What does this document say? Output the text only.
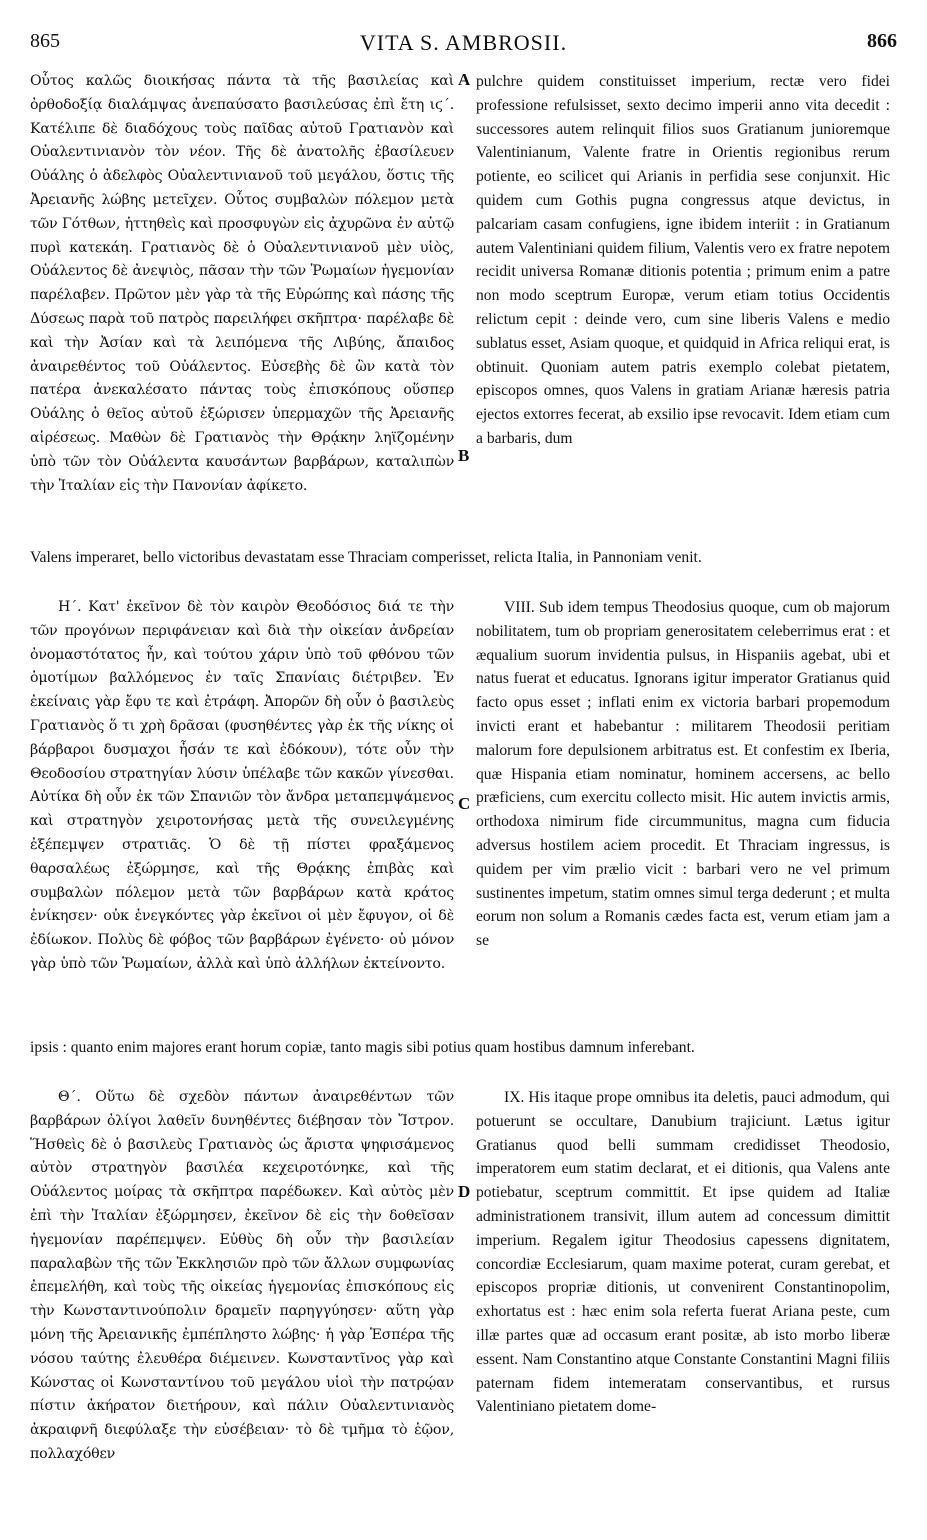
865	VITA S. AMBROSII.	866

Οὗτος καλῶς διοικήσας πάντα τὰ τῆς βασιλείας καὶ ὀρθοδοξίᾳ διαλάμψας ἀνεπαύσατο βασιλεύσας ἐπὶ ἔτη ιϛ΄. Κατέλιπε δὲ διαδόχους τοὺς παῖδας αὐτοῦ Γρατιανὸν καὶ Οὐαλεντινιανὸν τὸν νέον. Τῆς δὲ ἀνατολῆς ἐβασίλευεν Οὐάλης ὁ ἀδελφὸς Οὐαλεντινιανοῦ τοῦ μεγάλου, ὅστις τῆς Ἀρειανῆς λώβης μετεῖχεν. Οὗτος συμβαλὼν πόλεμον μετὰ τῶν Γότθων, ἡττηθεὶς καὶ προσφυγὼν εἰς ἀχυρῶνα ἐν αὐτῷ πυρὶ κατεκάη. Γρατιανὸς δὲ ὁ Οὐαλεντινιανοῦ μὲν υἱὸς, Οὐάλεντος δὲ ἀνεψιὸς, πᾶσαν τὴν τῶν Ῥωμαίων ἡγεμονίαν παρέλαβεν. Πρῶτον μὲν γὰρ τὰ τῆς Εὐρώπης καὶ πάσης τῆς Δύσεως παρὰ τοῦ πατρὸς παρειλήφει σκῆπτρα· παρέλαβε δὲ καὶ τὴν Ἀσίαν καὶ τὰ λειπόμενα τῆς Λιβύης, ἄπαιδος ἀναιρεθέντος τοῦ Οὐάλεντος. Εὐσεβὴς δὲ ὢν κατὰ τὸν πατέρα ἀνεκαλέσατο πάντας τοὺς ἐπισκόπους οὕσπερ Οὐάλης ὁ θεῖος αὐτοῦ ἐξώρισεν ὑπερμαχῶν τῆς Ἀρειανῆς αἱρέσεως. Μαθὼν δὲ Γρατιανὸς τὴν Θρᾴκην ληϊζομένην ὑπὸ τῶν τὸν Οὐάλεντα καυσάντων βαρβάρων, καταλιπὼν τὴν Ἰταλίαν εἰς τὴν Πανονίαν ἀφίκετο.

pulchre quidem constituisset imperium, rectæ vero fidei professione refulsisset, sexto decimo imperii anno vita decedit : successores autem relinquit filios suos Gratianum junioremque Valentinianum, Valente fratre in Orientis regionibus rerum potiente, eo scilicet qui Arianis in perfidia sese conjunxit. Hic quidem cum Gothis pugna congressus atque devictus, in palcariam casam confugiens, igne ibidem interiit : in Gratianum autem Valentiniani quidem filium, Valentis vero ex fratre nepotem recidit universa Romanæ ditionis potentia ; primum enim a patre non modo sceptrum Europæ, verum etiam totius Occidentis relictum cepit : deinde vero, cum sine liberis Valens e medio sublatus esset, Asiam quoque, et quidquid in Africa reliqui erat, is obtinuit. Quoniam autem patris exemplo colebat pietatem, episcopos omnes, quos Valens in gratiam Arianæ hæresis patria ejectos extorres fecerat, ab exsilio ipse revocavit. Idem etiam cum a barbaris, dum

A
B
Valens imperaret, bello victoribus devastatam esse Thraciam comperisset, relicta Italia, in Pannoniam venit.

Η΄. Κατ' ἐκεῖνον δὲ τὸν καιρὸν Θεοδόσιος διά τε τὴν τῶν προγόνων περιφάνειαν καὶ διὰ τὴν οἰκείαν ἀνδρείαν ὀνομαστότατος ἦν, καὶ τούτου χάριν ὑπὸ τοῦ φθόνου τῶν ὁμοτίμων βαλλόμενος ἐν ταῖς Σπανίαις διέτριβεν. Ἐν ἐκείναις γὰρ ἔφυ τε καὶ ἐτράφη. Ἀπορῶν δὴ οὖν ὁ βασιλεὺς Γρατιανὸς ὅ τι χρὴ δρᾶσαι (φυσηθέντες γὰρ ἐκ τῆς νίκης οἱ βάρβαροι δυσμαχοι ἦσάν τε καὶ ἐδόκουν), τότε οὖν τὴν Θεοδοσίου στρατηγίαν λύσιν ὑπέλαβε τῶν κακῶν γίνεσθαι. Αὐτίκα δὴ οὖν ἐκ τῶν Σπανιῶν τὸν ἄνδρα μεταπεμψάμενος καὶ στρατηγὸν χειροτονήσας μετὰ τῆς συνειλεγμένης ἐξέπεμψεν στρατιᾶς. Ὁ δὲ τῇ πίστει φραξάμενος θαρσαλέως ἐξώρμησε, καὶ τῆς Θρᾴκης ἐπιβὰς καὶ συμβαλὼν πόλεμον μετὰ τῶν βαρβάρων κατὰ κράτος ἐνίκησεν· οὐκ ἐνεγκόντες γὰρ ἐκεῖνοι οἱ μὲν ἔφυγον, οἱ δὲ ἐδίωκον. Πολὺς δὲ φόβος τῶν βαρβάρων ἐγένετο· οὐ μόνον γὰρ ὑπὸ τῶν Ῥωμαίων, ἀλλὰ καὶ ὑπὸ ἀλλήλων ἐκτείνοντο.

VIII. Sub idem tempus Theodosius quoque, cum ob majorum nobilitatem, tum ob propriam generositatem celeberrimus erat : et æqualium suorum invidentia pulsus, in Hispaniis agebat, ubi et natus fuerat et educatus. Ignorans igitur imperator Gratianus quid facto opus esset ; inflati enim ex victoria barbari propemodum invicti erant et habebantur : militarem Theodosii peritiam malorum fore depulsionem arbitratus est. Et confestim ex Iberia, quæ Hispania etiam nominatur, hominem accersens, ac bello præficiens, cum exercitu collecto misit. Hic autem invictis armis, orthodoxa nimirum fide circummunitus, magna cum fiducia adversus hostilem aciem procedit. Et Thraciam ingressus, is quidem per vim prælio vicit : barbari vero ne vel primum sustinentes impetum, statim omnes simul terga dederunt ; et multa eorum non solum a Romanis cædes facta est, verum etiam jam a se

C
ipsis : quanto enim majores erant horum copiæ, tanto magis sibi potius quam hostibus damnum inferebant.

Θ΄. Οὕτω δὲ σχεδὸν πάντων ἀναιρεθέντων τῶν βαρβάρων ὀλίγοι λαθεῖν δυνηθέντες διέβησαν τὸν Ἴστρον. Ἥσθεὶς δὲ ὁ βασιλεὺς Γρατιανὸς ὡς ἄριστα ψηφισάμενος αὐτὸν στρατηγὸν βασιλέα κεχειροτόνηκε, καὶ τῆς Οὐάλεντος μοίρας τὰ σκῆπτρα παρέδωκεν. Καὶ αὐτὸς μὲν ἐπὶ τὴν Ἰταλίαν ἐξώρμησεν, ἐκεῖνον δὲ εἰς τὴν δοθεῖσαν ἡγεμονίαν παρέπεμψεν. Εὐθὺς δὴ οὖν τὴν βασιλείαν παραλαβὼν τῆς τῶν Ἐκκλησιῶν πρὸ τῶν ἄλλων συμφωνίας ἐπεμελήθη, καὶ τοὺς τῆς οἰκείας ἡγεμονίας ἐπισκόπους εἰς τὴν Κωνσταντινούπολιν δραμεῖν παρηγγύησεν· αὕτη γὰρ μόνη τῆς Ἀρειανικῆς ἐμπέπληστο λώβης· ἡ γὰρ Ἑσπέρα τῆς νόσου ταύτης ἐλευθέρα διέμεινεν. Κωνσταντῖνος γὰρ καὶ Κώνστας οἱ Κωνσταντίνου τοῦ μεγάλου υἱοὶ τὴν πατρῴαν πίστιν ἀκήρατον διετήρουν, καὶ πάλιν Οὐαλεντινιανὸς ἀκραιφνῆ διεφύλαξε τὴν εὐσέβειαν· τὸ δὲ τμῆμα τὸ ἑῷον, πολλαχόθεν

IX. His itaque prope omnibus ita deletis, pauci admodum, qui potuerunt se occultare, Danubium trajiciunt. Lætus igitur Gratianus quod belli summam credidisset Theodosio, imperatorem eum statim declarat, et ei ditionis, qua Valens ante potiebatur, sceptrum committit. Et ipse quidem ad Italiæ administrationem transivit, illum autem ad concessum dimittit imperium. Regalem igitur Theodosius capessens dignitatem, concordiæ Ecclesiarum, quam maxime poterat, curam gerebat, et episcopos propriæ ditionis, ut convenirent Constantinopolim, exhortatus est : hæc enim sola referta fuerat Ariana peste, cum illæ partes quæ ad occasum erant positæ, ab isto morbo liberæ essent. Nam Constantino atque Constante Constantini Magni filiis paternam fidem intemeratam conservantibus, et rursus Valentiniano pietatem dome-

D
